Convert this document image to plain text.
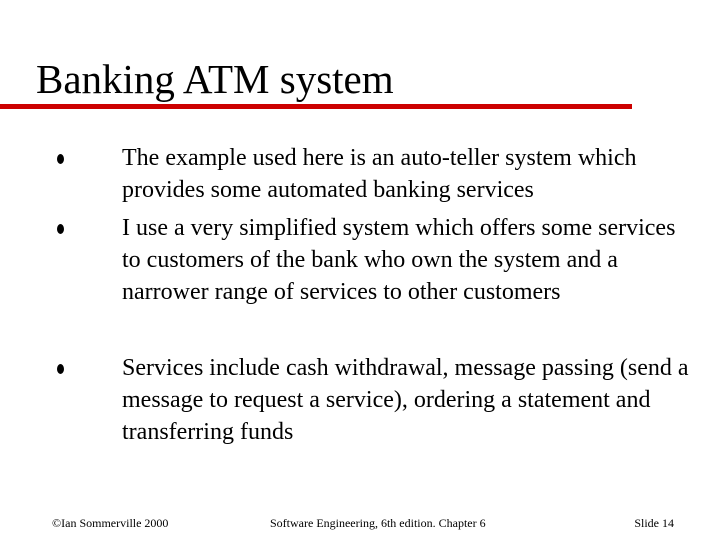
Banking ATM system

The example used here is an auto-teller system which provides some automated banking services

I use a very simplified system which offers some services to customers of the bank who own the system and a narrower range of services to other customers

Services include cash withdrawal, message passing (send a message to request a service), ordering a statement and transferring funds

©Ian Sommerville 2000	Software Engineering, 6th edition. Chapter 6	Slide 14
